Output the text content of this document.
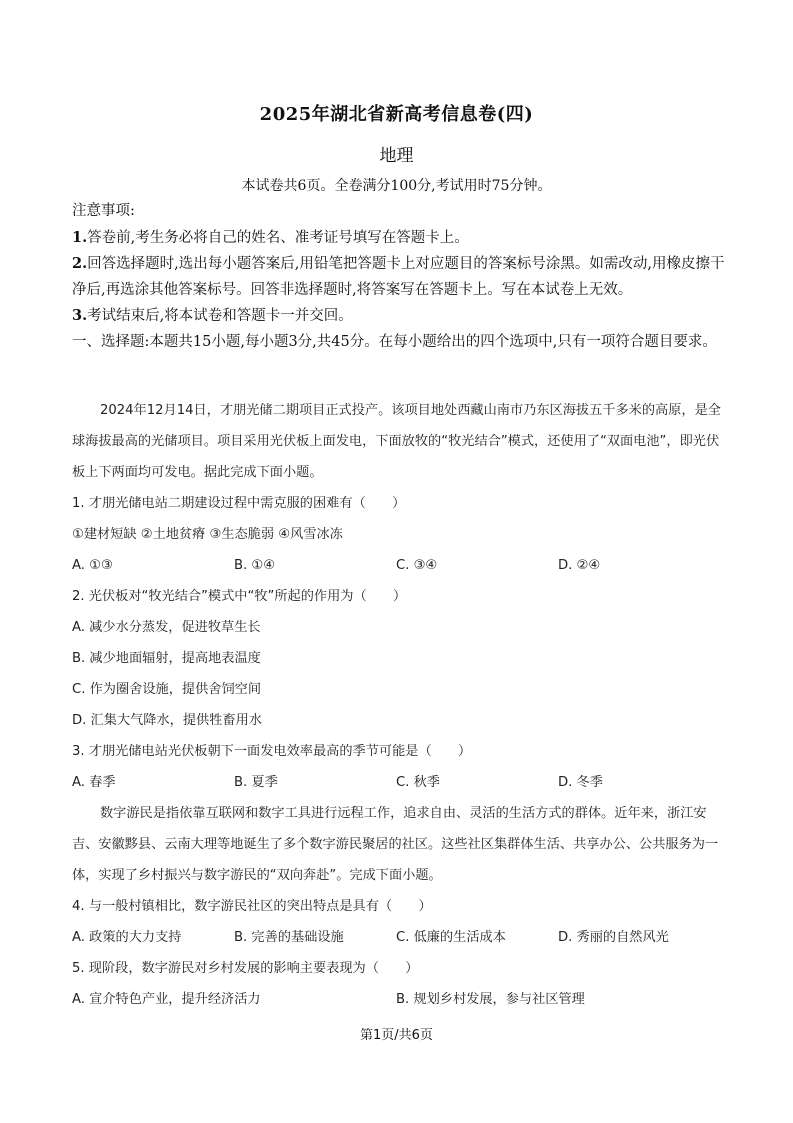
2025年湖北省新高考信息卷(四)
地理
本试卷共6页。全卷满分100分,考试用时75分钟。

注意事项:

1.答卷前,考生务必将自己的姓名、准考证号填写在答题卡上。

2.回答选择题时,选出每小题答案后,用铅笔把答题卡上对应题目的答案标号涂黑。如需改动,用橡皮擦干净后,再选涂其他答案标号。回答非选择题时,将答案写在答题卡上。写在本试卷上无效。

3.考试结束后,将本试卷和答题卡一并交回。

一、选择题:本题共15小题,每小题3分,共45分。在每小题给出的四个选项中,只有一项符合题目要求。

2024年12月14日，才朋光储二期项目正式投产。该项目地处西藏山南市乃东区海拔五千多米的高原，是全球海拔最高的光储项目。项目采用光伏板上面发电，下面放牧的“牧光结合”模式，还使用了“双面电池”，即光伏板上下两面均可发电。据此完成下面小题。

1. 才朋光储电站二期建设过程中需克服的困难有（　　）

①建材短缺 ②土地贫瘠 ③生态脆弱 ④风雪冰冻

A. ①③	B. ①④	C. ③④	D. ②④

2. 光伏板对“牧光结合”模式中“牧”所起的作用为（　　）

A. 减少水分蒸发，促进牧草生长

B. 减少地面辐射，提高地表温度

C. 作为圈舍设施，提供舍饲空间

D. 汇集大气降水，提供牲畜用水

3. 才朋光储电站光伏板朝下一面发电效率最高的季节可能是（　　）

A. 春季	B. 夏季	C. 秋季	D. 冬季

数字游民是指依靠互联网和数字工具进行远程工作，追求自由、灵活的生活方式的群体。近年来，浙江安吉、安徽黟县、云南大理等地诞生了多个数字游民聚居的社区。这些社区集群体生活、共享办公、公共服务为一体，实现了乡村振兴与数字游民的“双向奔赴”。完成下面小题。

4. 与一般村镇相比，数字游民社区的突出特点是具有（　　）

A. 政策的大力支持	B. 完善的基础设施	C. 低廉的生活成本	D. 秀丽的自然风光

5. 现阶段，数字游民对乡村发展的影响主要表现为（　　）

A. 宣介特色产业，提升经济活力	B. 规划乡村发展，参与社区管理
第1页/共6页
